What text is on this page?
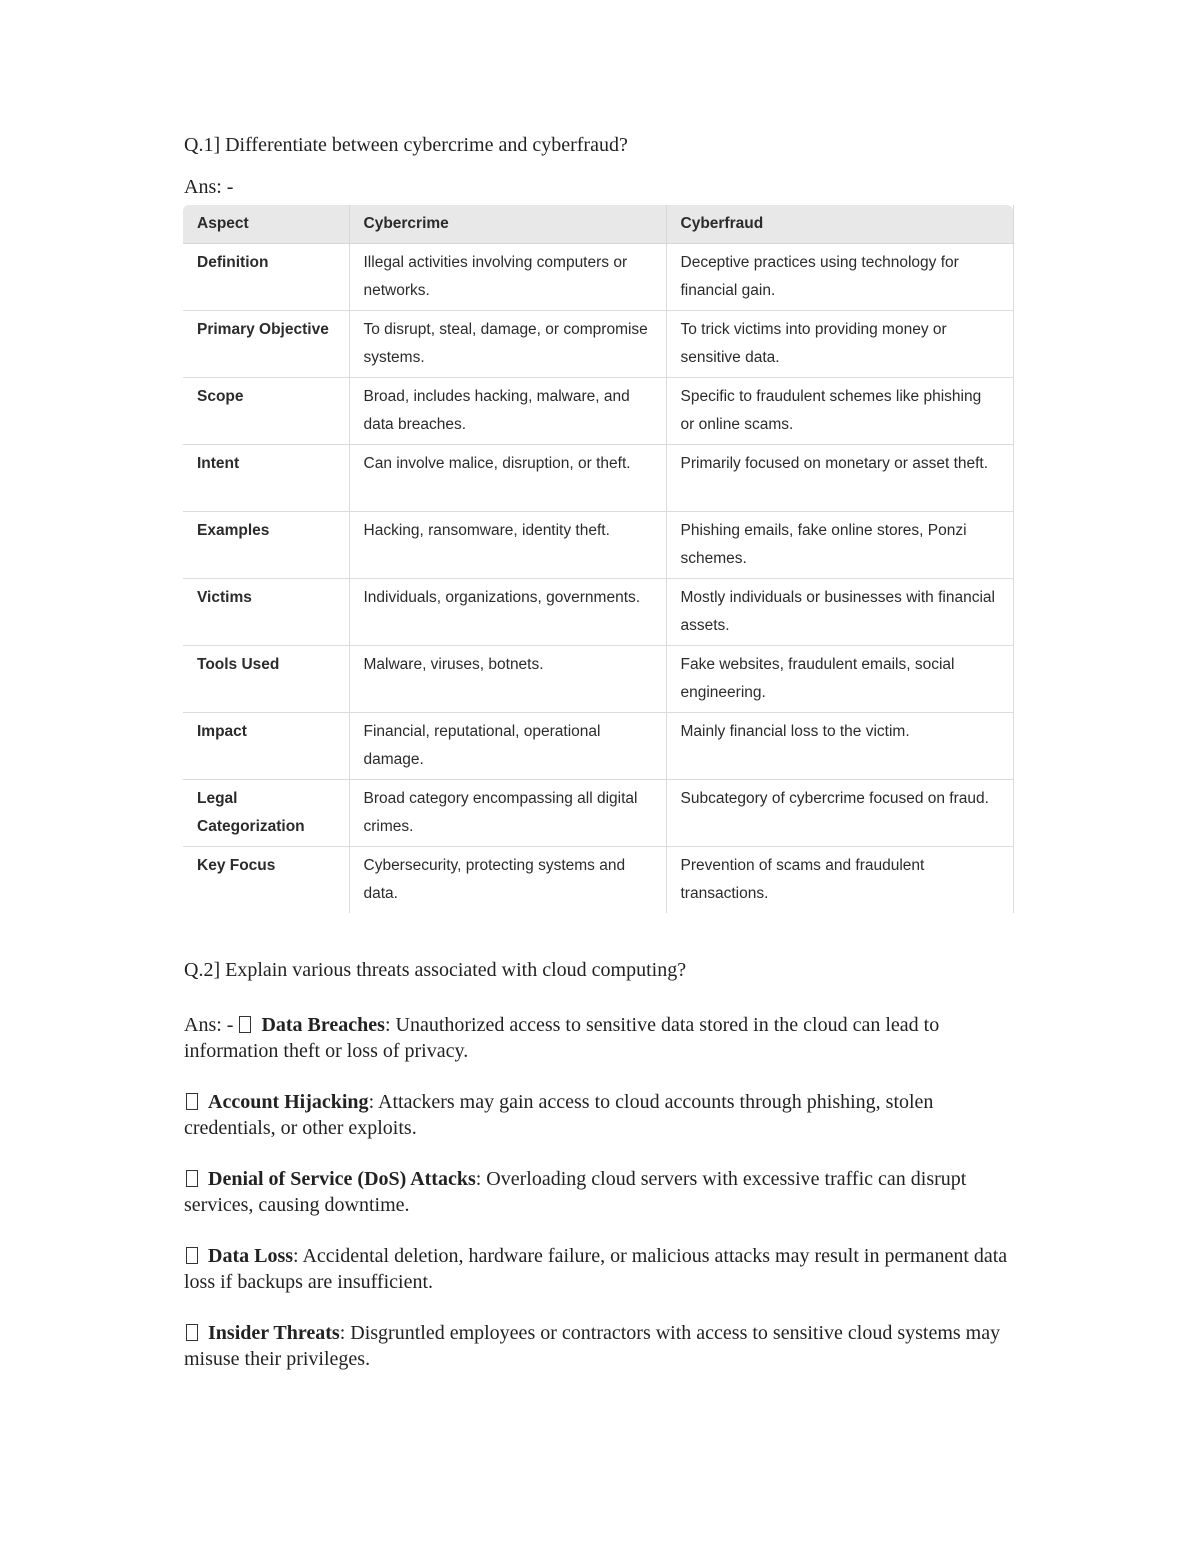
Q.1] Differentiate between cybercrime and cyberfraud?
Ans: -
Aspect	Cybercrime	Cyberfraud
Definition	Illegal activities involving computers or networks.	Deceptive practices using technology for financial gain.
Primary Objective	To disrupt, steal, damage, or compromise systems.	To trick victims into providing money or sensitive data.
Scope	Broad, includes hacking, malware, and data breaches.	Specific to fraudulent schemes like phishing or online scams.
Intent	Can involve malice, disruption, or theft.	Primarily focused on monetary or asset theft.
Examples	Hacking, ransomware, identity theft.	Phishing emails, fake online stores, Ponzi schemes.
Victims	Individuals, organizations, governments.	Mostly individuals or businesses with financial assets.
Tools Used	Malware, viruses, botnets.	Fake websites, fraudulent emails, social engineering.
Impact	Financial, reputational, operational damage.	Mainly financial loss to the victim.
Legal Categorization	Broad category encompassing all digital crimes.	Subcategory of cybercrime focused on fraud.
Key Focus	Cybersecurity, protecting systems and data.	Prevention of scams and fraudulent transactions.
Q.2] Explain various threats associated with cloud computing?

Ans: - Data Breaches: Unauthorized access to sensitive data stored in the cloud can lead to information theft or loss of privacy.

Account Hijacking: Attackers may gain access to cloud accounts through phishing, stolen credentials, or other exploits.

Denial of Service (DoS) Attacks: Overloading cloud servers with excessive traffic can disrupt services, causing downtime.

Data Loss: Accidental deletion, hardware failure, or malicious attacks may result in permanent data loss if backups are insufficient.

Insider Threats: Disgruntled employees or contractors with access to sensitive cloud systems may misuse their privileges.
